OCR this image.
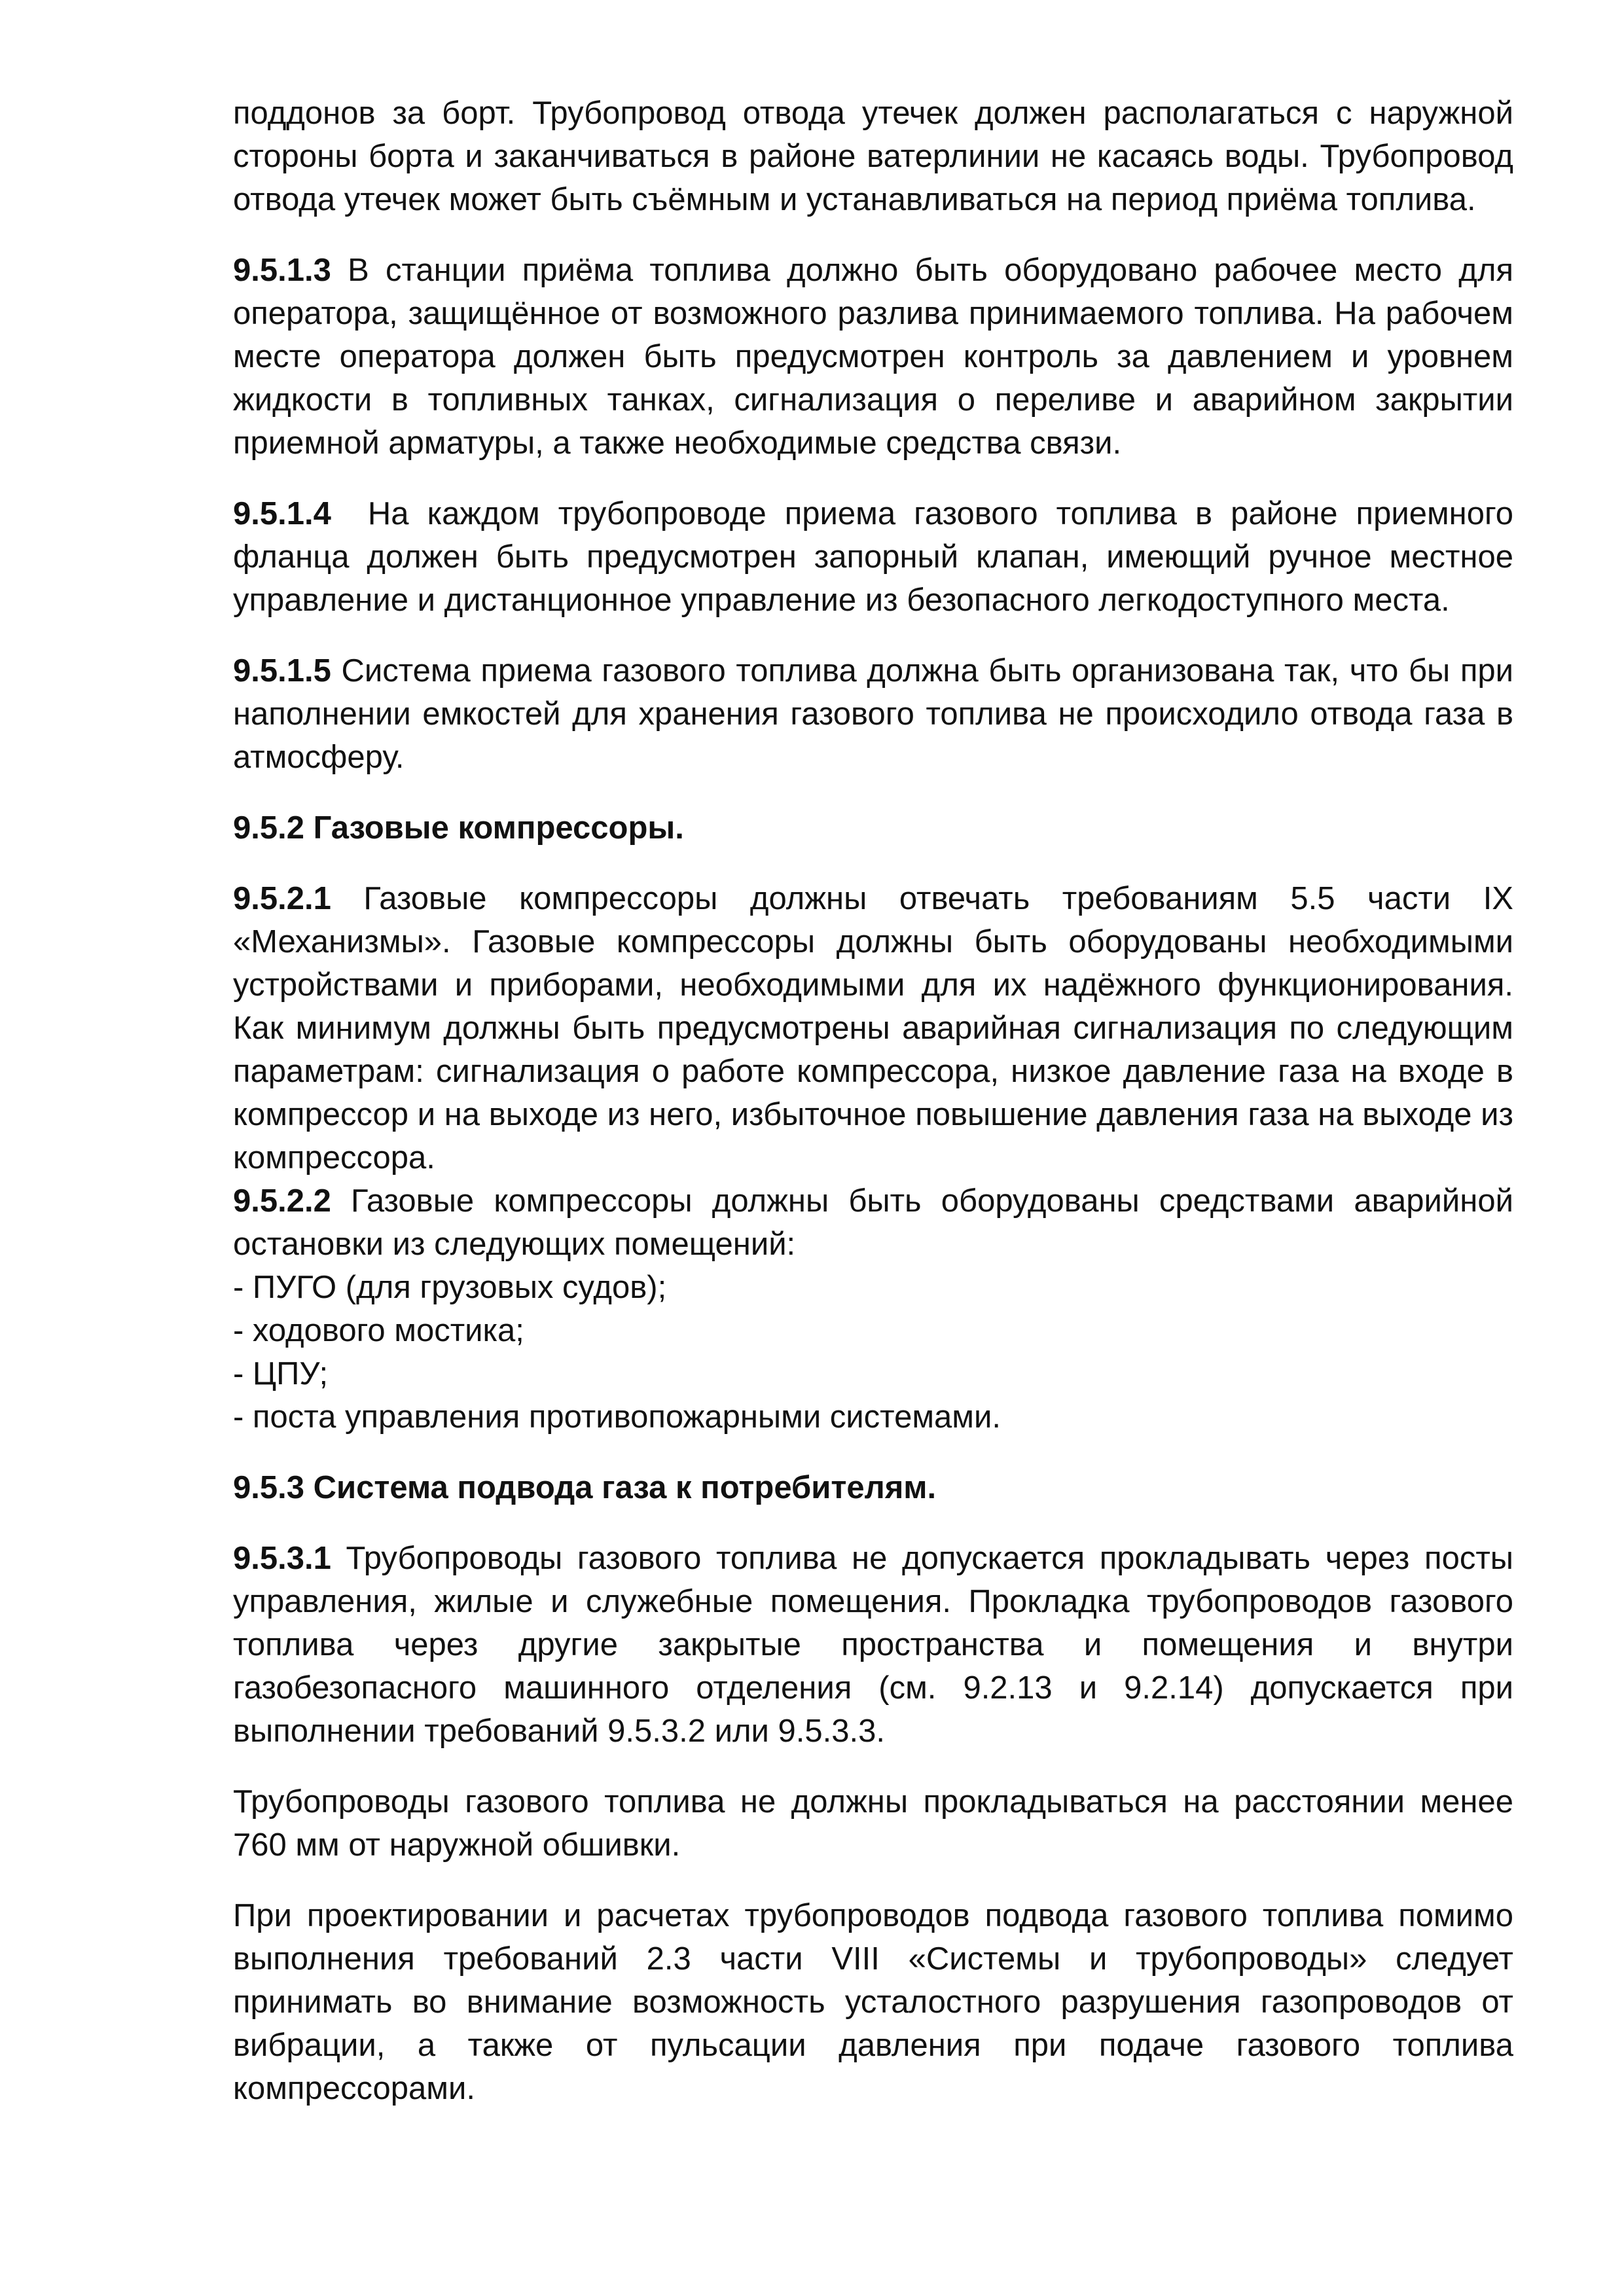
поддонов за борт. Трубопровод отвода утечек должен располагаться с наружной стороны борта и заканчиваться в районе ватерлинии не касаясь воды. Трубопровод отвода утечек может быть съёмным и устанавливаться на период приёма топлива.

9.5.1.3 В станции приёма топлива должно быть оборудовано рабочее место для оператора, защищённое от возможного разлива принимаемого топлива. На рабочем месте оператора должен быть предусмотрен контроль за давлением и уровнем жидкости в топливных танках, сигнализация о переливе и аварийном закрытии приемной арматуры, а также необходимые средства связи.

9.5.1.4 На каждом трубопроводе приема газового топлива в районе приемного фланца должен быть предусмотрен запорный клапан, имеющий ручное местное управление и дистанционное управление из безопасного легкодоступного места.

9.5.1.5 Система приема газового топлива должна быть организована так, что бы при наполнении емкостей для хранения газового топлива не происходило отвода газа в атмосферу.

9.5.2 Газовые компрессоры.

9.5.2.1 Газовые компрессоры должны отвечать требованиям 5.5 части IX «Механизмы». Газовые компрессоры должны быть оборудованы необходимыми устройствами и приборами, необходимыми для их надёжного функционирования. Как минимум должны быть предусмотрены аварийная сигнализация по следующим параметрам: сигнализация о работе компрессора, низкое давление газа на входе в компрессор и на выходе из него, избыточное повышение давления газа на выходе из компрессора.

9.5.2.2 Газовые компрессоры должны быть оборудованы средствами аварийной остановки из следующих помещений:

- ПУГО (для грузовых судов);

- ходового мостика;

- ЦПУ;

- поста управления противопожарными системами.

9.5.3 Система подвода газа к потребителям.

9.5.3.1 Трубопроводы газового топлива не допускается прокладывать через посты управления, жилые и служебные помещения. Прокладка трубопроводов газового топлива через другие закрытые пространства и помещения и внутри газобезопасного машинного отделения (см. 9.2.13 и 9.2.14) допускается при выполнении требований 9.5.3.2 или 9.5.3.3.

Трубопроводы газового топлива не должны прокладываться на расстоянии менее 760 мм от наружной обшивки.

При проектировании и расчетах трубопроводов подвода газового топлива помимо выполнения требований 2.3 части VIII «Системы и трубопроводы» следует принимать во внимание возможность усталостного разрушения газопроводов от вибрации, а также от пульсации давления при подаче газового топлива компрессорами.
